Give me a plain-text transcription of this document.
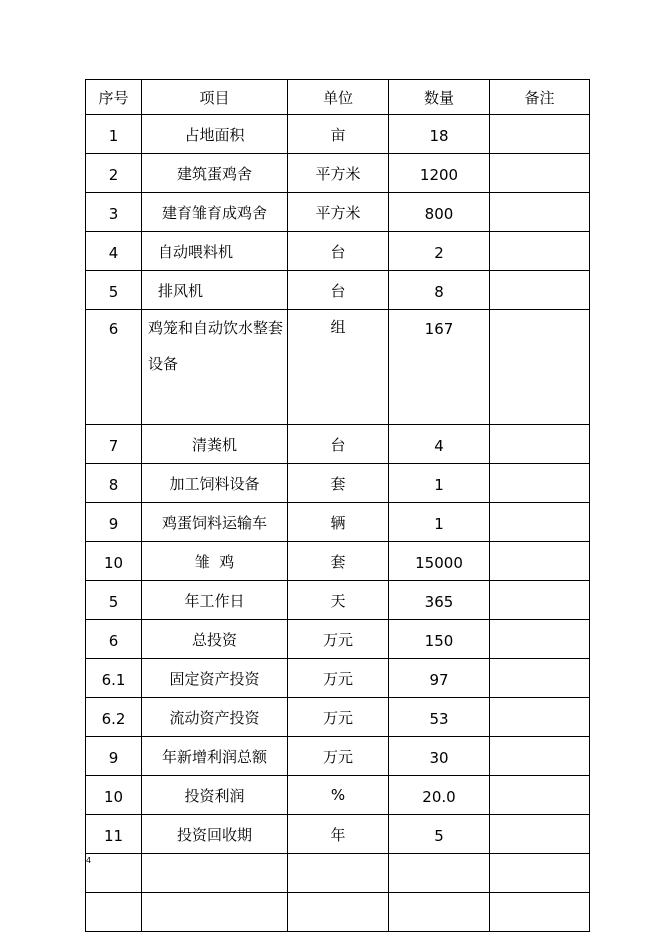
序号	项目	单位	数量	备注
1	占地面积	亩	18	
2	建筑蛋鸡舍	平方米	1200	
3	建育雏育成鸡舍	平方米	800	
4	自动喂料机	台	2	
5	排风机	台	8	
6	鸡笼和自动饮水整套设备	组	167	
7	清粪机	台	4	
8	加工饲料设备	套	1	
9	鸡蛋饲料运输车	辆	1	
10	雏  鸡	套	15000	
5	年工作日	天	365	
6	总投资	万元	150	
6.1	固定资产投资	万元	97	
6.2	流动资产投资	万元	53	
9	年新增利润总额	万元	30	
10	投资利润	%	20.0	
11	投资回收期	年	5	

4
